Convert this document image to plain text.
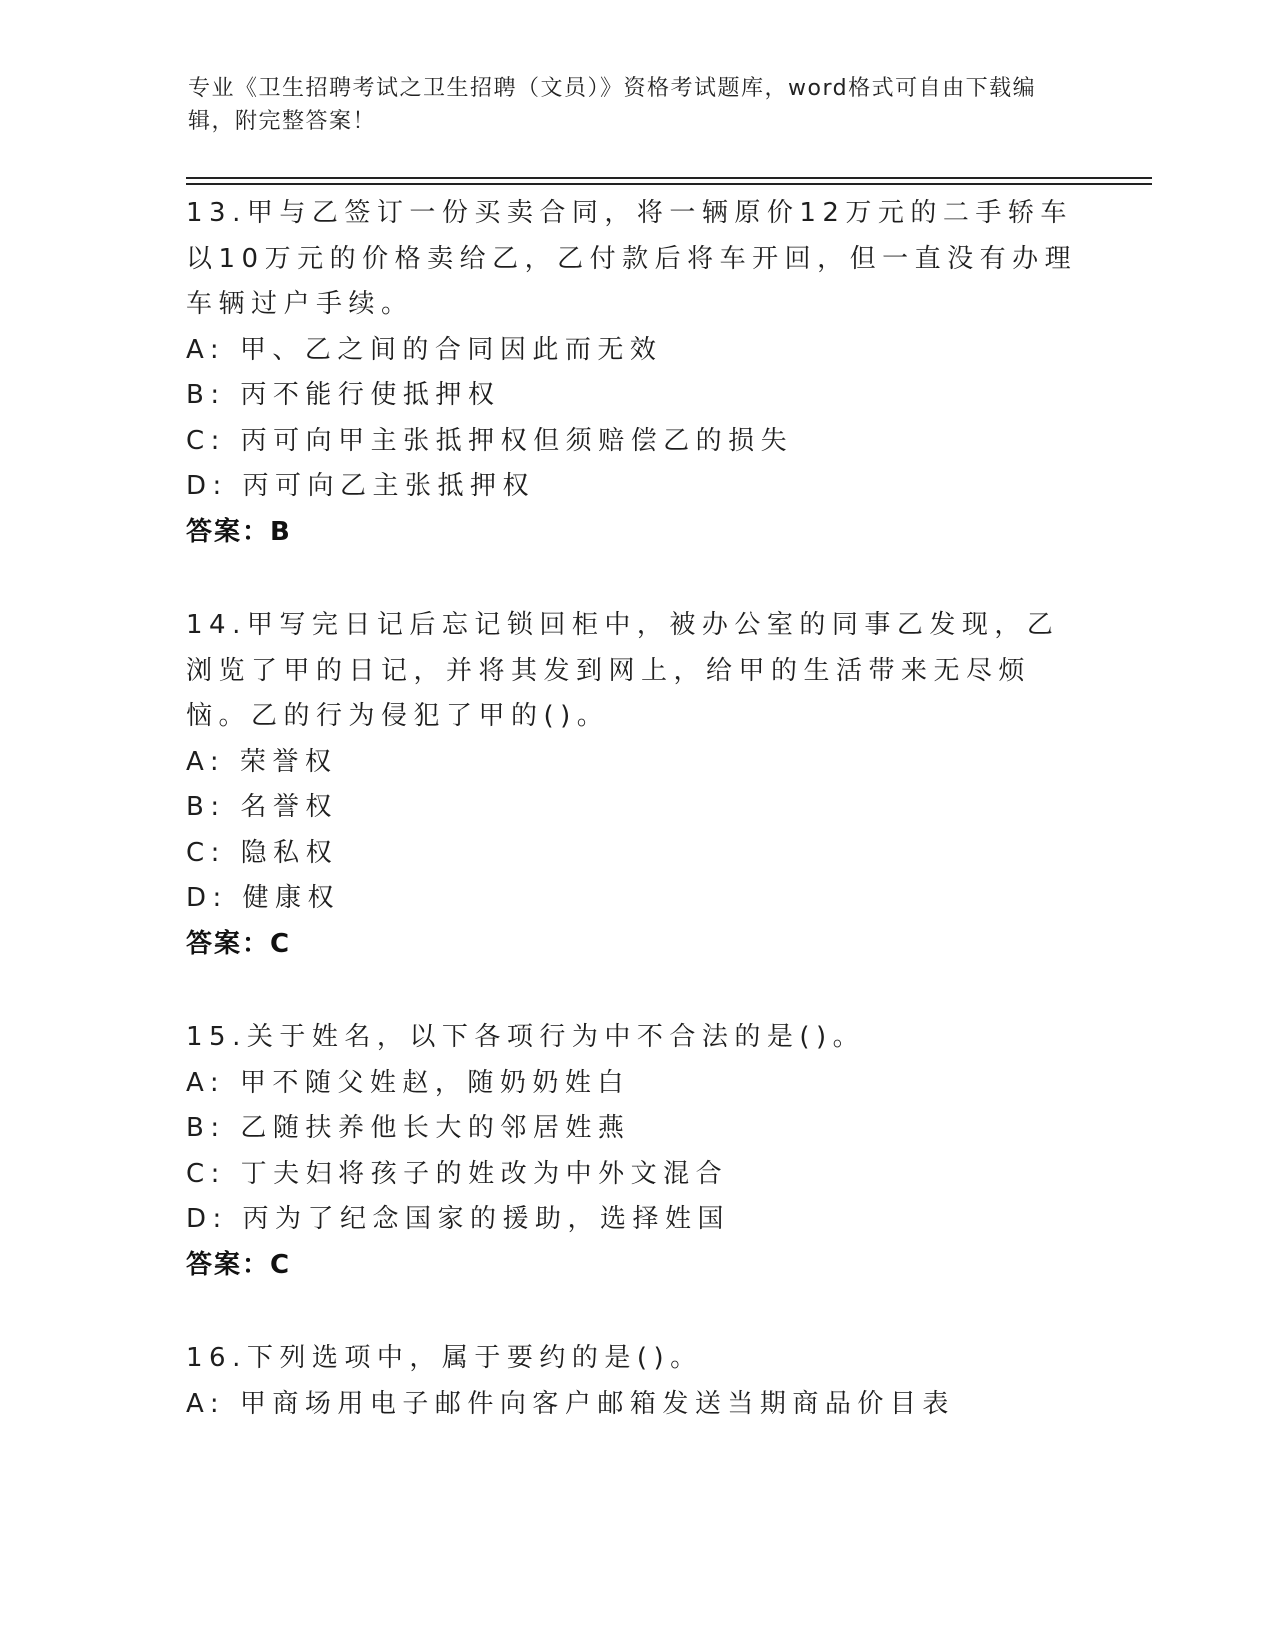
专业《卫生招聘考试之卫生招聘（文员）》资格考试题库，word格式可自由下载编辑，附完整答案！

13.甲与乙签订一份买卖合同，将一辆原价12万元的二手轿车以10万元的价格卖给乙，乙付款后将车开回，但一直没有办理车辆过户手续。

A: 甲、乙之间的合同因此而无效
B: 丙不能行使抵押权
C: 丙可向甲主张抵押权但须赔偿乙的损失
D: 丙可向乙主张抵押权
答案：B

14.甲写完日记后忘记锁回柜中，被办公室的同事乙发现，乙浏览了甲的日记，并将其发到网上，给甲的生活带来无尽烦恼。乙的行为侵犯了甲的()。

A: 荣誉权
B: 名誉权
C: 隐私权
D: 健康权
答案：C

15.关于姓名，以下各项行为中不合法的是()。

A: 甲不随父姓赵，随奶奶姓白
B: 乙随扶养他长大的邻居姓燕
C: 丁夫妇将孩子的姓改为中外文混合
D: 丙为了纪念国家的援助，选择姓国
答案：C

16.下列选项中，属于要约的是()。

A: 甲商场用电子邮件向客户邮箱发送当期商品价目表
